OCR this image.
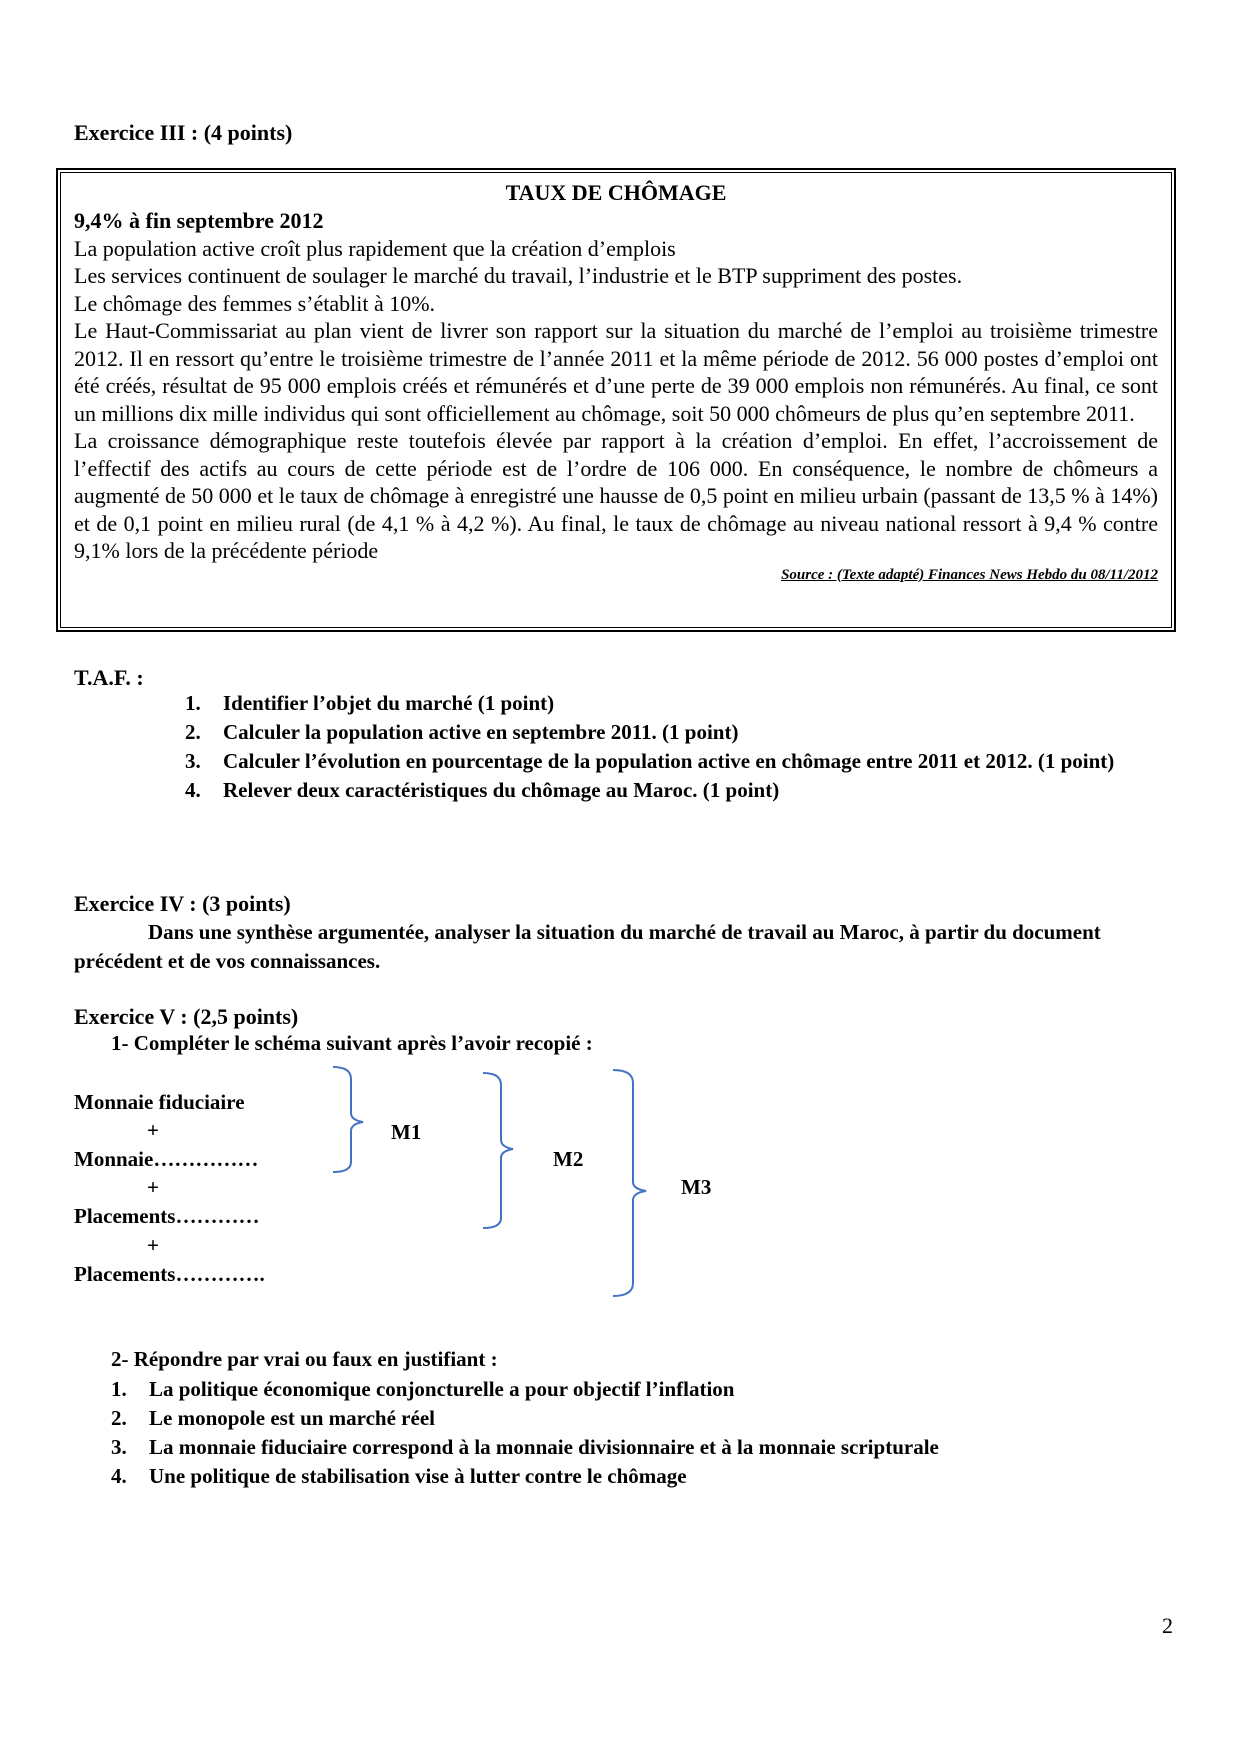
Exercice III : (4 points)
TAUX DE CHÔMAGE
9,4% à fin septembre 2012
La population active croît plus rapidement que la création d’emplois
Les services continuent de soulager le marché du travail, l’industrie et le BTP suppriment des postes.
Le chômage des femmes s’établit à 10%.
Le Haut-Commissariat au plan vient de livrer son rapport sur la situation du marché de l’emploi au troisième trimestre 2012. Il en ressort qu’entre le troisième trimestre de l’année 2011 et la même période de 2012. 56 000 postes d’emploi ont été créés, résultat de 95 000 emplois créés et rémunérés et d’une perte de 39 000 emplois non rémunérés. Au final, ce sont un millions dix mille individus qui sont officiellement au chômage, soit 50 000 chômeurs de plus qu’en septembre 2011.
La croissance démographique reste toutefois élevée par rapport à la création d’emploi. En effet, l’accroissement de l’effectif des actifs au cours de cette période est de l’ordre de 106 000. En conséquence, le nombre de chômeurs a augmenté de 50 000 et le taux de chômage à enregistré une hausse de 0,5 point en milieu urbain (passant de 13,5 % à 14%) et de 0,1 point en milieu rural (de 4,1 % à 4,2 %). Au final, le taux de chômage au niveau national ressort à 9,4 % contre 9,1% lors de la précédente période
Source : (Texte adapté) Finances News Hebdo du 08/11/2012
T.A.F. :
1. Identifier l’objet du marché (1 point)
2. Calculer la population active en septembre 2011. (1 point)
3. Calculer l’évolution en pourcentage de la population active en chômage entre 2011 et 2012. (1 point)
4. Relever deux caractéristiques du chômage au Maroc. (1 point)
Exercice IV : (3 points)
Dans une synthèse argumentée, analyser la situation du marché de travail au Maroc, à partir du document précédent et de vos connaissances.
Exercice V : (2,5 points)
1- Compléter le schéma suivant après l’avoir recopié :
Monnaie fiduciaire
+
Monnaie……………
+
Placements…………
+
Placements………….
M1
M2
M3
2- Répondre par vrai ou faux en justifiant :
1. La politique économique conjoncturelle a pour objectif l’inflation
2. Le monopole est un marché réel
3. La monnaie fiduciaire correspond à la monnaie divisionnaire et à la monnaie scripturale
4. Une politique de stabilisation vise à lutter contre le chômage
2
